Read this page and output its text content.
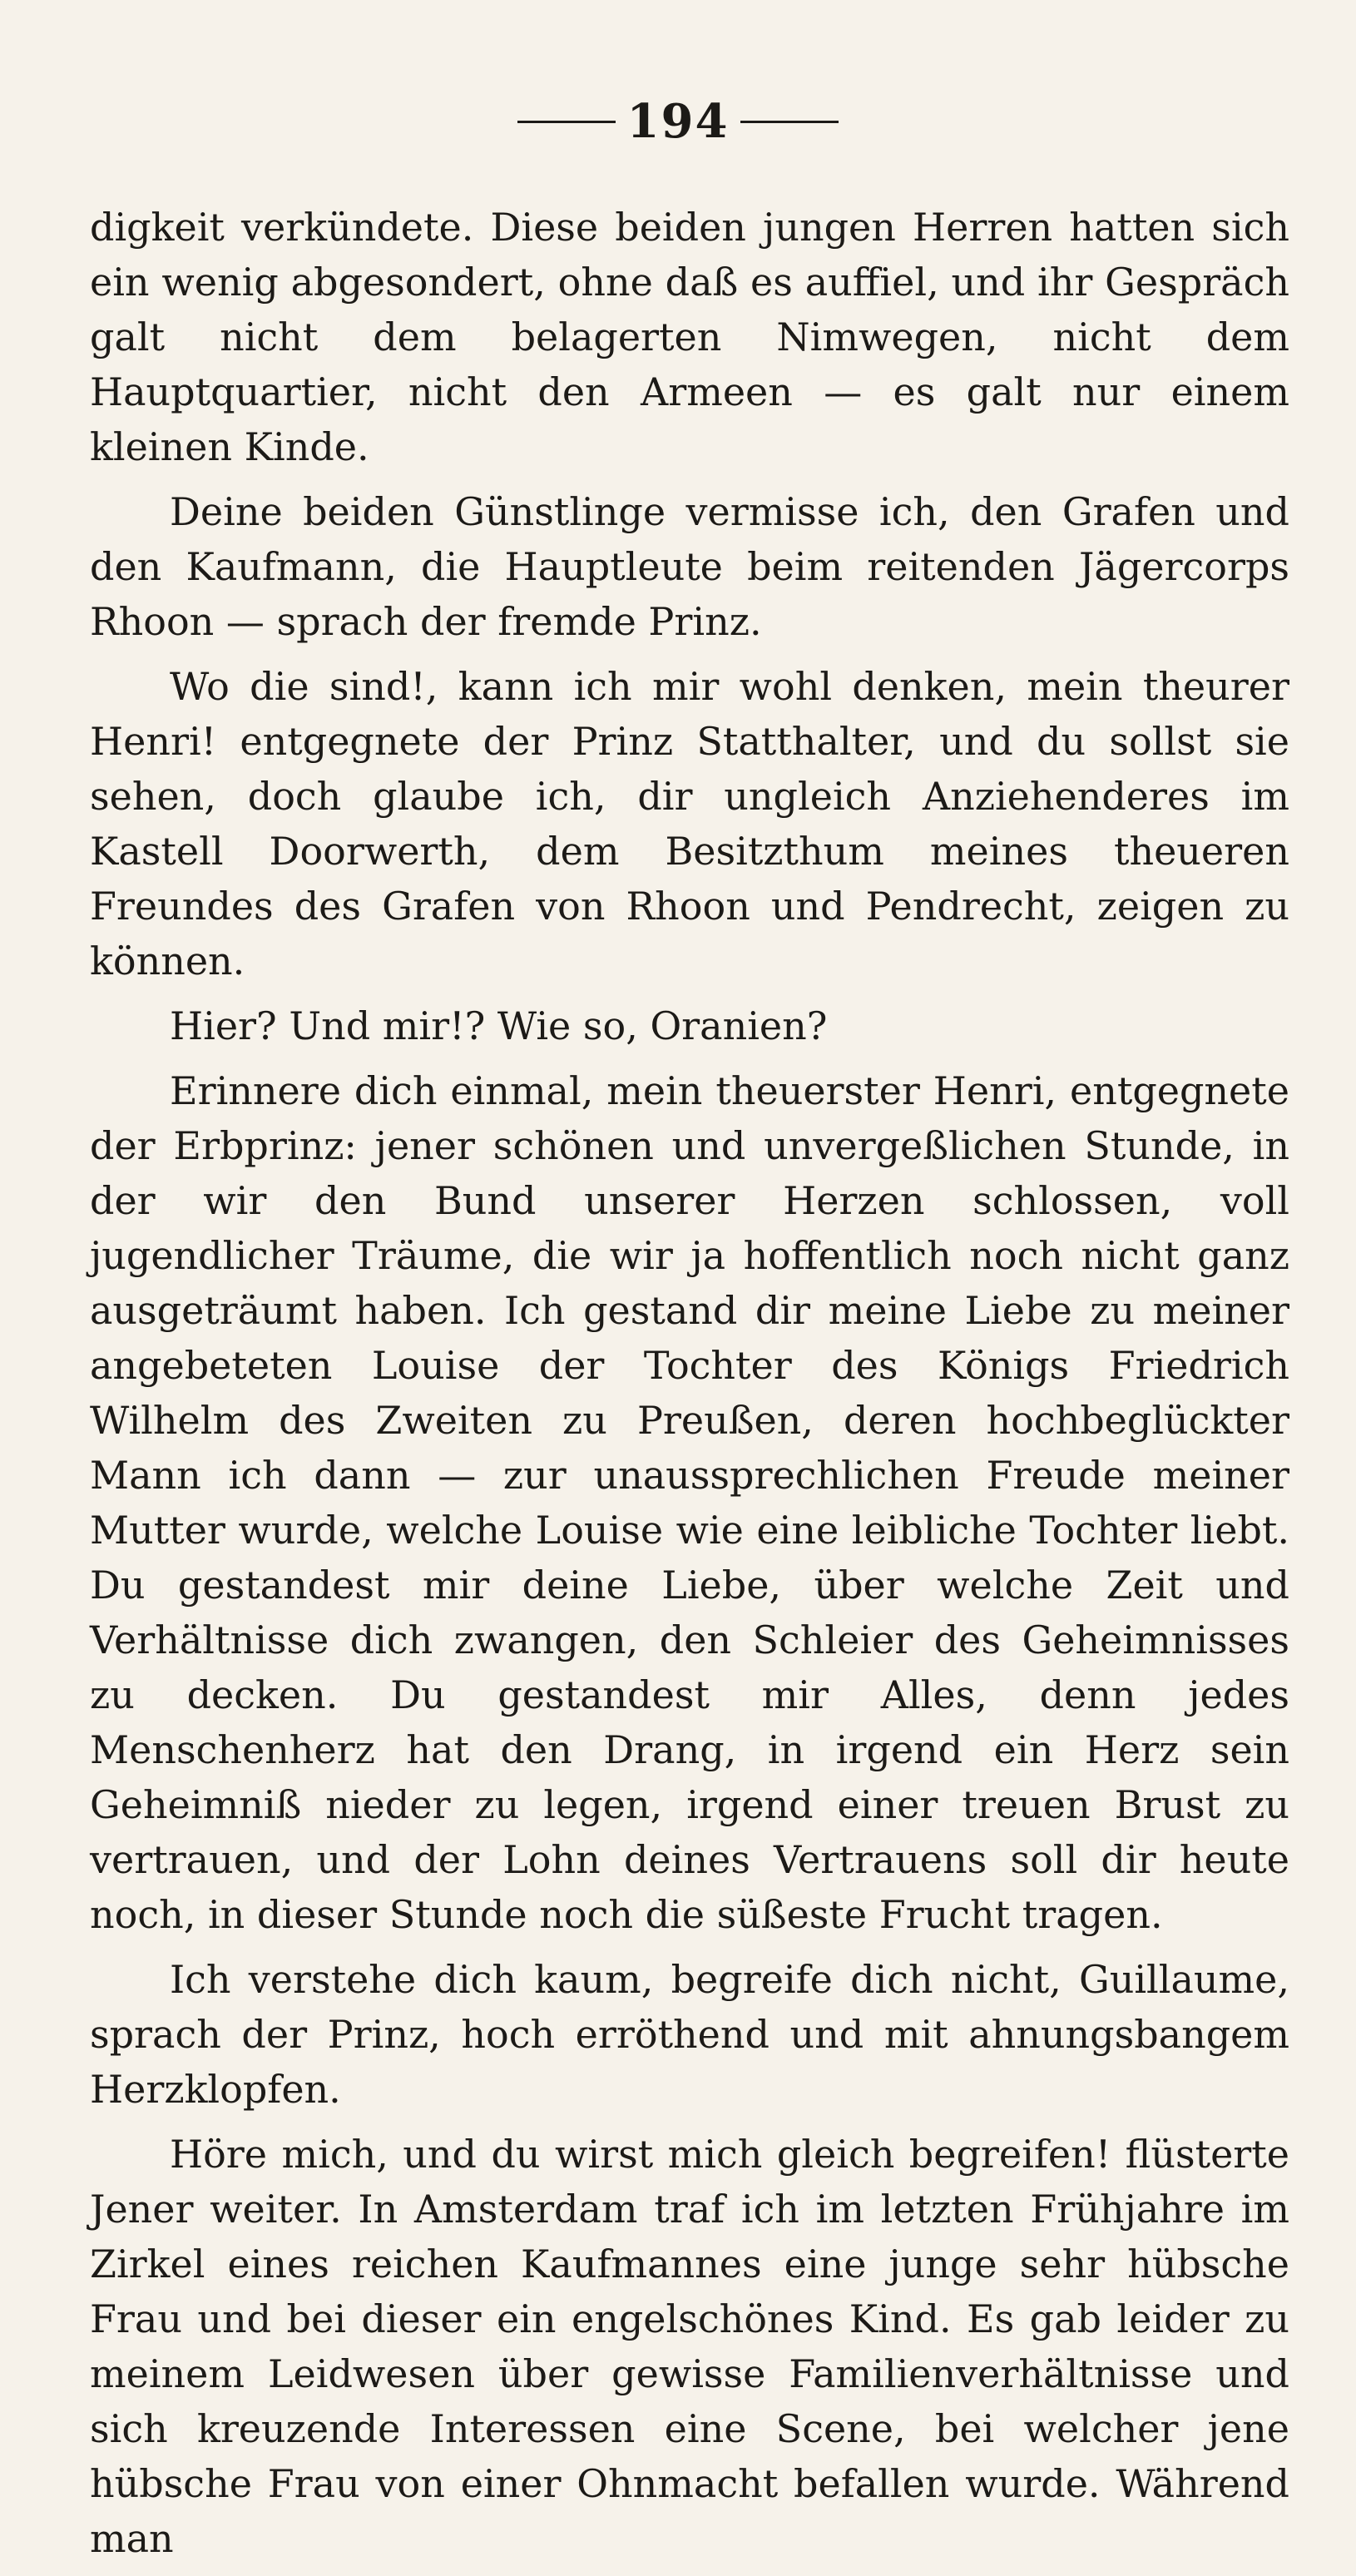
194

digkeit verkündete. Diese beiden jungen Herren hatten sich ein wenig abgesondert, ohne daß es auffiel, und ihr Gespräch galt nicht dem belagerten Nimwegen, nicht dem Hauptquartier, nicht den Armeen — es galt nur einem kleinen Kinde.

Deine beiden Günstlinge vermisse ich, den Grafen und den Kaufmann, die Hauptleute beim reitenden Jägercorps Rhoon — sprach der fremde Prinz.

Wo die sind!, kann ich mir wohl denken, mein theurer Henri! entgegnete der Prinz Statthalter, und du sollst sie sehen, doch glaube ich, dir ungleich Anziehenderes im Kastell Doorwerth, dem Besitzthum meines theueren Freundes des Grafen von Rhoon und Pendrecht, zeigen zu können.

Hier? Und mir!? Wie so, Oranien?

Erinnere dich einmal, mein theuerster Henri, entgegnete der Erbprinz: jener schönen und unvergeßlichen Stunde, in der wir den Bund unserer Herzen schlossen, voll jugendlicher Träume, die wir ja hoffentlich noch nicht ganz ausgeträumt haben. Ich gestand dir meine Liebe zu meiner angebeteten Louise der Tochter des Königs Friedrich Wilhelm des Zweiten zu Preußen, deren hochbeglückter Mann ich dann — zur unaussprechlichen Freude meiner Mutter wurde, welche Louise wie eine leibliche Tochter liebt. Du gestandest mir deine Liebe, über welche Zeit und Verhältnisse dich zwangen, den Schleier des Geheimnisses zu decken. Du gestandest mir Alles, denn jedes Menschenherz hat den Drang, in irgend ein Herz sein Geheimniß nieder zu legen, irgend einer treuen Brust zu vertrauen, und der Lohn deines Vertrauens soll dir heute noch, in dieser Stunde noch die süßeste Frucht tragen.

Ich verstehe dich kaum, begreife dich nicht, Guillaume, sprach der Prinz, hoch erröthend und mit ahnungsbangem Herzklopfen.

Höre mich, und du wirst mich gleich begreifen! flüsterte Jener weiter. In Amsterdam traf ich im letzten Frühjahre im Zirkel eines reichen Kaufmannes eine junge sehr hübsche Frau und bei dieser ein engelschönes Kind. Es gab leider zu meinem Leidwesen über gewisse Familienverhältnisse und sich kreuzende Interessen eine Scene, bei welcher jene hübsche Frau von einer Ohnmacht befallen wurde. Während man
